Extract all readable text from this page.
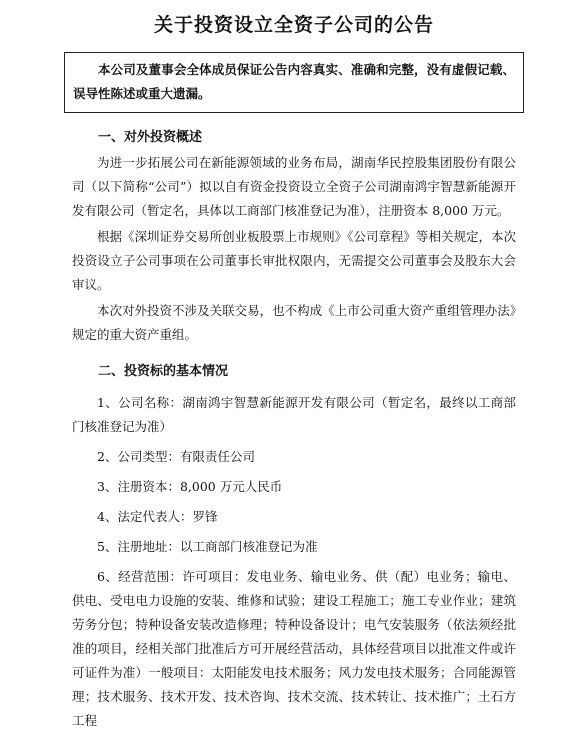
关于投资设立全资子公司的公告
本公司及董事会全体成员保证公告内容真实、准确和完整，没有虚假记载、误导性陈述或重大遗漏。

一、对外投资概述

为进一步拓展公司在新能源领域的业务布局，湖南华民控股集团股份有限公司（以下简称“公司”）拟以自有资金投资设立全资子公司湖南鸿宇智慧新能源开发有限公司（暂定名，具体以工商部门核准登记为准），注册资本 8,000 万元。

根据《深圳证券交易所创业板股票上市规则》《公司章程》等相关规定，本次投资设立子公司事项在公司董事长审批权限内，无需提交公司董事会及股东大会审议。

本次对外投资不涉及关联交易，也不构成《上市公司重大资产重组管理办法》规定的重大资产重组。

二、投资标的基本情况

1、公司名称：湖南鸿宇智慧新能源开发有限公司（暂定名，最终以工商部门核准登记为准）

2、公司类型：有限责任公司

3、注册资本：8,000 万元人民币

4、法定代表人：罗锋

5、注册地址：以工商部门核准登记为准

6、经营范围：许可项目：发电业务、输电业务、供（配）电业务；输电、供电、受电电力设施的安装、维修和试验；建设工程施工；施工专业作业；建筑劳务分包；特种设备安装改造修理；特种设备设计；电气安装服务（依法须经批准的项目，经相关部门批准后方可开展经营活动，具体经营项目以批准文件或许可证件为准）一般项目：太阳能发电技术服务；风力发电技术服务；合同能源管理；技术服务、技术开发、技术咨询、技术交流、技术转让、技术推广；土石方工程
